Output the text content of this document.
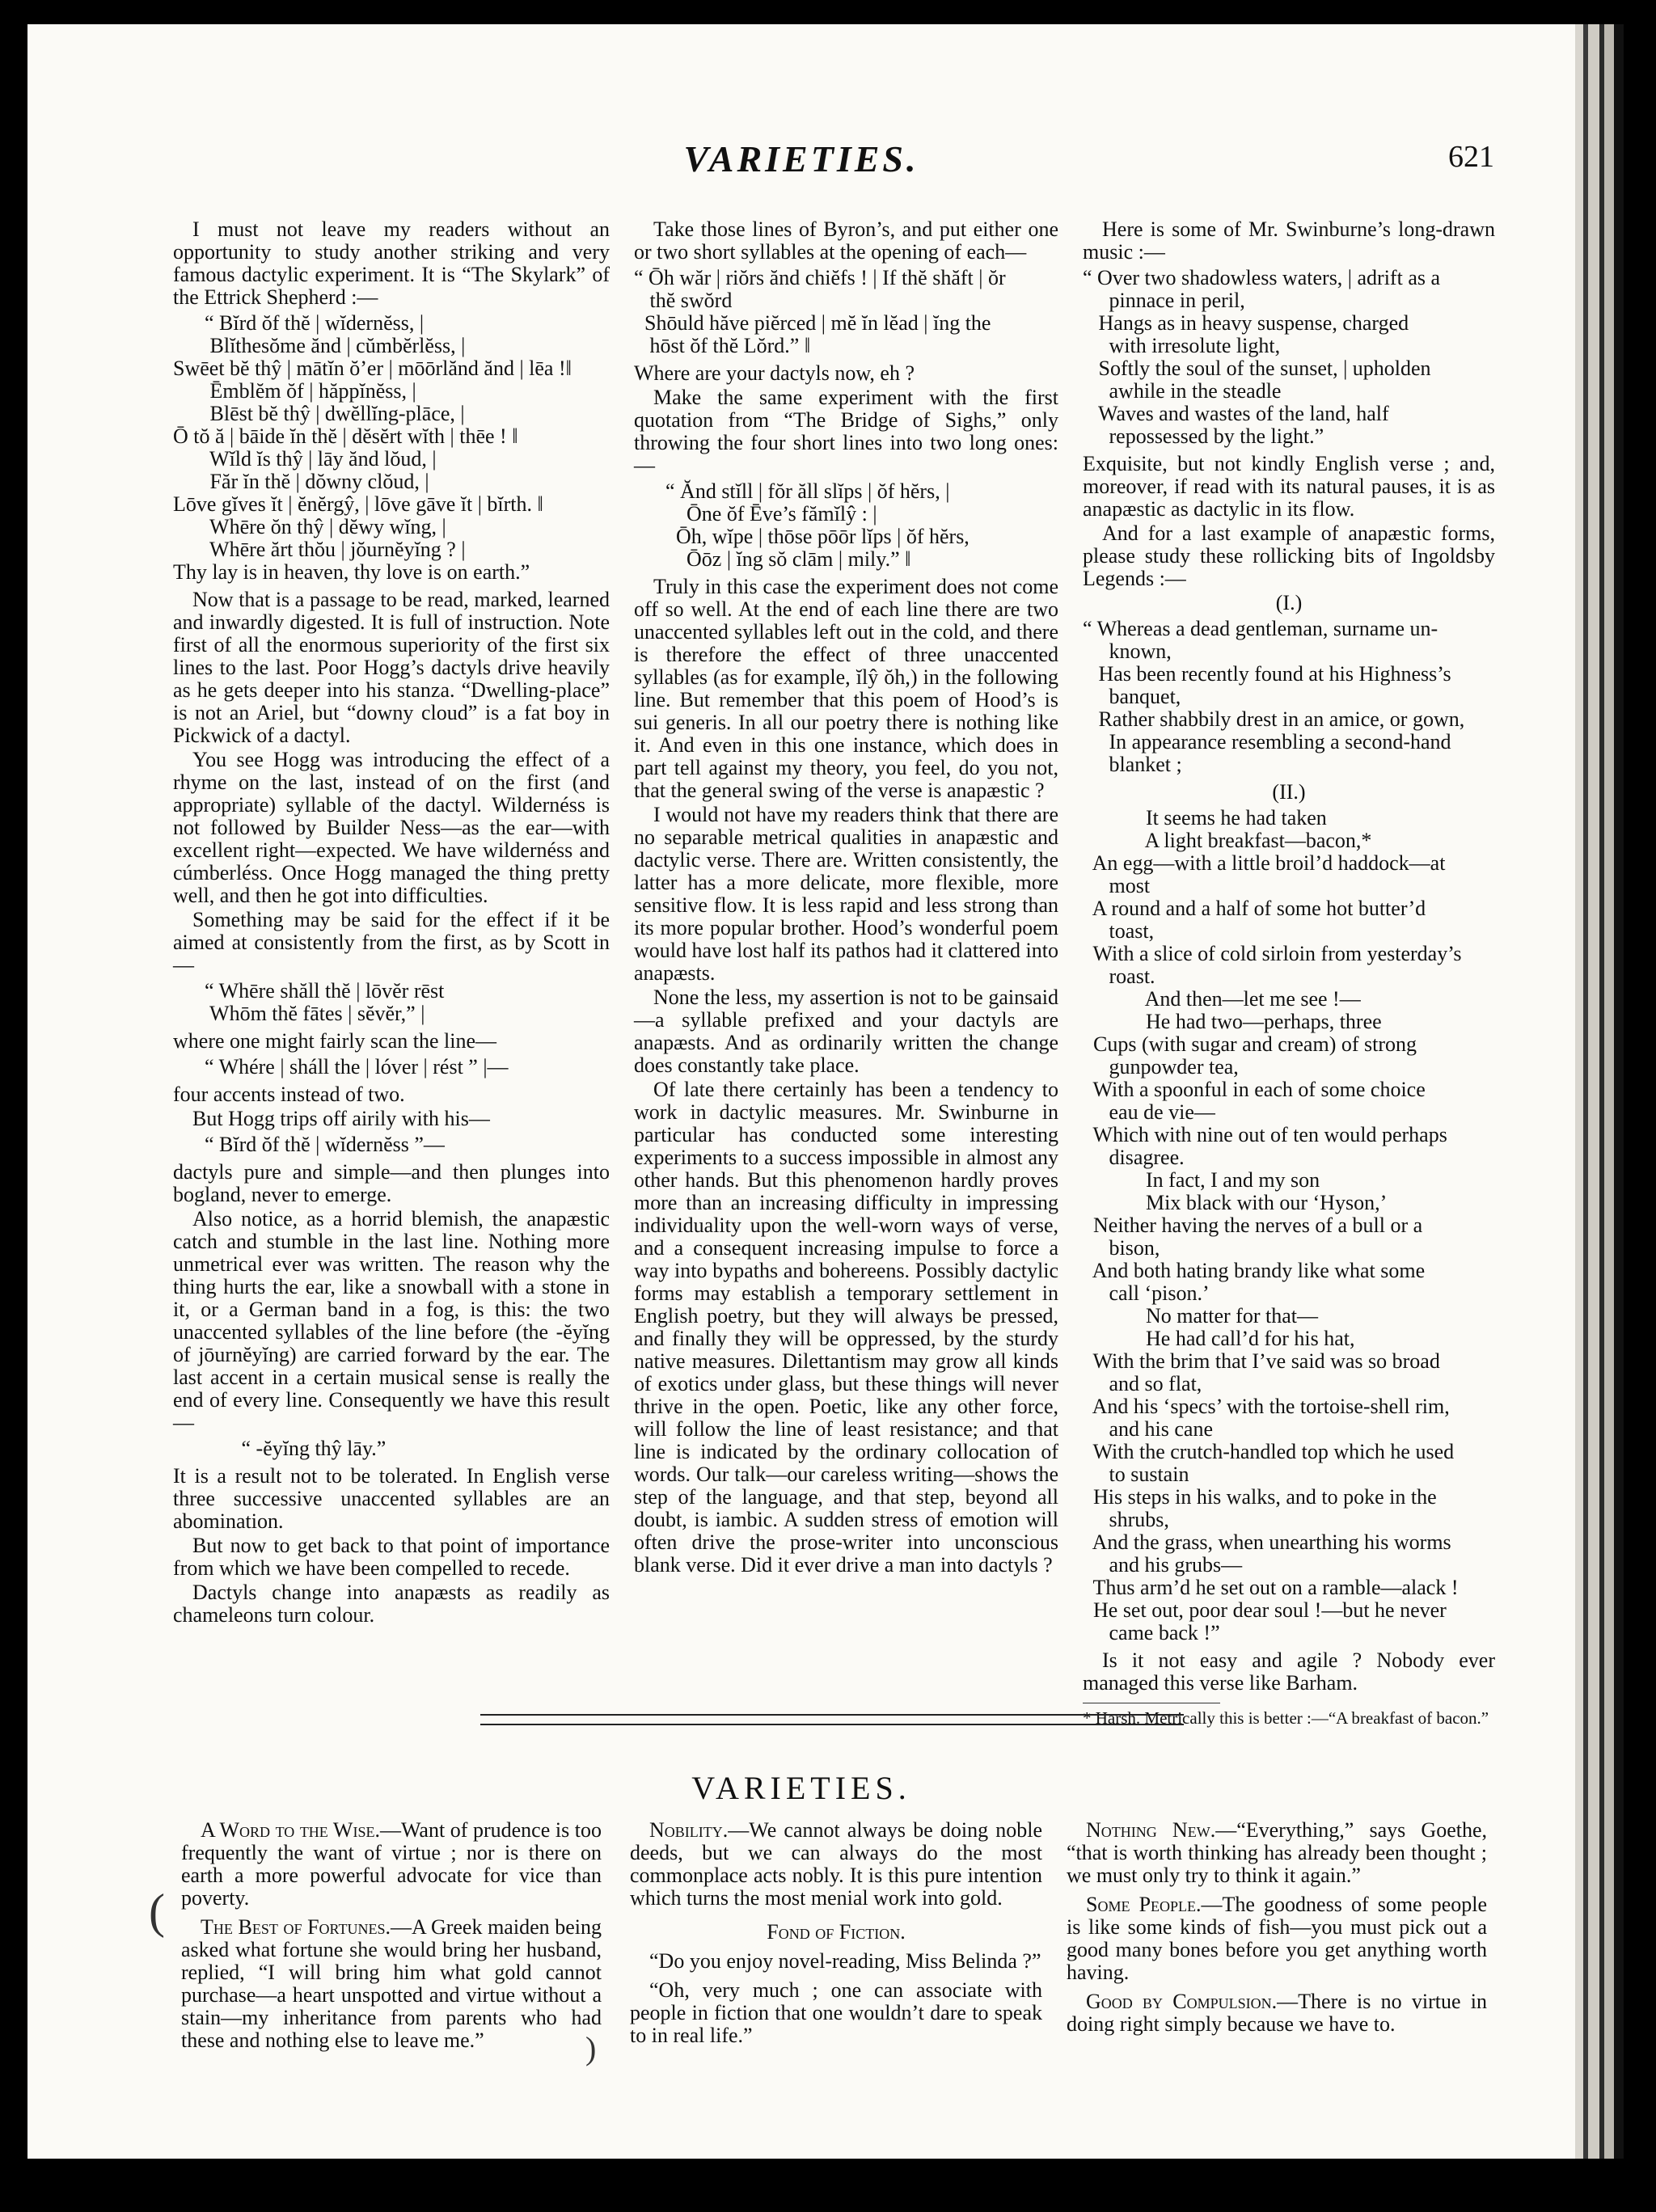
VARIETIES.	621

I must not leave my readers without an opportunity to study another striking and very famous dactylic experiment. It is “The Skylark” of the Ettrick Shepherd :—

“ Bĭrd ŏf thĕ | wĭdernĕss, |
Blĭthesŏme ănd | cŭmbĕrlĕss, |
Swēet bĕ thŷ | mātĭn ŏ’er | mōōrlănd ănd | lēa !‖
Ēmblĕm ŏf | hăppĭnĕss, |
Blēst bĕ thŷ | dwĕllĭng-plāce, |
Ō tŏ ă | bāide ĭn thĕ | dĕsĕrt wĭth | thēe ! ‖
Wĭld ĭs thŷ | lāy ănd lŏud, |
Făr ĭn thĕ | dŏwny clŏud, |
Lōve gĭves ĭt | ĕnĕrgŷ, | lōve gāve ĭt | bĭrth. ‖
Whēre ŏn thŷ | dĕwy wĭng, |
Whēre ărt thŏu | jŏurnĕyĭng ? |
Thy lay is in heaven, thy love is on earth.”

Now that is a passage to be read, marked, learned and inwardly digested. It is full of instruction. Note first of all the enormous superiority of the first six lines to the last. Poor Hogg’s dactyls drive heavily as he gets deeper into his stanza. “Dwelling-place” is not an Ariel, but “downy cloud” is a fat boy in Pickwick of a dactyl.

You see Hogg was introducing the effect of a rhyme on the last, instead of on the first (and appropriate) syllable of the dactyl. Wildernéss is not followed by Builder Ness—as the ear—with excellent right—expected. We have wildernéss and cúmberléss. Once Hogg managed the thing pretty well, and then he got into difficulties.

Something may be said for the effect if it be aimed at consistently from the first, as by Scott in—

“ Whēre shăll thĕ | lōvĕr rēst
Whōm thĕ fātes | sĕvĕr,” |

where one might fairly scan the line—

“ Whére | sháll the | lóver | rést ” |—

four accents instead of two.

But Hogg trips off airily with his—

“ Bĭrd ŏf thĕ | wĭdernĕss ”—

dactyls pure and simple—and then plunges into bogland, never to emerge.

Also notice, as a horrid blemish, the anapæstic catch and stumble in the last line. Nothing more unmetrical ever was written. The reason why the thing hurts the ear, like a snowball with a stone in it, or a German band in a fog, is this: the two unaccented syllables of the line before (the -ĕyĭng of jōurnĕyĭng) are carried forward by the ear. The last accent in a certain musical sense is really the end of every line. Consequently we have this result—

“ -ĕyĭng thŷ lāy.”

It is a result not to be tolerated. In English verse three successive unaccented syllables are an abomination.

But now to get back to that point of importance from which we have been compelled to recede.

Dactyls change into anapæsts as readily as chameleons turn colour.

Take those lines of Byron’s, and put either one or two short syllables at the opening of each—

“ Ōh wăr | riŏrs ănd chiĕfs ! | If thĕ shăft | ŏr
thĕ swŏrd
Shōuld hăve piĕrced | mĕ ĭn lĕad | ĭng the
hōst ŏf thĕ Lŏrd.” ‖

Where are your dactyls now, eh ?

Make the same experiment with the first quotation from “The Bridge of Sighs,” only throwing the four short lines into two long ones:—

“ Ănd stĭll | fŏr ăll slĭps | ŏf hĕrs, |
Ōne ŏf Ēve’s fămĭlŷ : |
Ōh, wĭpe | thōse pōōr lĭps | ŏf hĕrs,
Ōōz | ĭng sŏ clām | mily.” ‖

Truly in this case the experiment does not come off so well. At the end of each line there are two unaccented syllables left out in the cold, and there is therefore the effect of three unaccented syllables (as for example, ĭlŷ ŏh,) in the following line. But remember that this poem of Hood’s is sui generis. In all our poetry there is nothing like it. And even in this one instance, which does in part tell against my theory, you feel, do you not, that the general swing of the verse is anapæstic ?

I would not have my readers think that there are no separable metrical qualities in anapæstic and dactylic verse. There are. Written consistently, the latter has a more delicate, more flexible, more sensitive flow. It is less rapid and less strong than its more popular brother. Hood’s wonderful poem would have lost half its pathos had it clattered into anapæsts.

None the less, my assertion is not to be gainsaid—a syllable prefixed and your dactyls are anapæsts. And as ordinarily written the change does constantly take place.

Of late there certainly has been a tendency to work in dactylic measures. Mr. Swinburne in particular has conducted some interesting experiments to a success impossible in almost any other hands. But this phenomenon hardly proves more than an increasing difficulty in impressing individuality upon the well-worn ways of verse, and a consequent increasing impulse to force a way into bypaths and bohereens. Possibly dactylic forms may establish a temporary settlement in English poetry, but they will always be pressed, and finally they will be oppressed, by the sturdy native measures. Dilettantism may grow all kinds of exotics under glass, but these things will never thrive in the open. Poetic, like any other force, will follow the line of least resistance; and that line is indicated by the ordinary collocation of words. Our talk—our careless writing—shows the step of the language, and that step, beyond all doubt, is iambic. A sudden stress of emotion will often drive the prose-writer into unconscious blank verse. Did it ever drive a man into dactyls ?

Here is some of Mr. Swinburne’s long-drawn music :—

“ Over two shadowless waters, | adrift as a
pinnace in peril,
Hangs as in heavy suspense, charged
with irresolute light,
Softly the soul of the sunset, | upholden
awhile in the steadle
Waves and wastes of the land, half
repossessed by the light.”

Exquisite, but not kindly English verse ; and, moreover, if read with its natural pauses, it is as anapæstic as dactylic in its flow.

And for a last example of anapæstic forms, please study these rollicking bits of Ingoldsby Legends :—

(I.)
“ Whereas a dead gentleman, surname un-
known,
Has been recently found at his Highness’s
banquet,
Rather shabbily drest in an amice, or gown,
In appearance resembling a second-hand
blanket ;
(II.)
It seems he had taken
A light breakfast—bacon,*
An egg—with a little broil’d haddock—at
most
A round and a half of some hot butter’d
toast,
With a slice of cold sirloin from yesterday’s
roast.
And then—let me see !—
He had two—perhaps, three
Cups (with sugar and cream) of strong
gunpowder tea,
With a spoonful in each of some choice
eau de vie—
Which with nine out of ten would perhaps
disagree.
In fact, I and my son
Mix black with our ‘Hyson,’
Neither having the nerves of a bull or a
bison,
And both hating brandy like what some
call ‘pison.’
No matter for that—
He had call’d for his hat,
With the brim that I’ve said was so broad
and so flat,
And his ‘specs’ with the tortoise-shell rim,
and his cane
With the crutch-handled top which he used
to sustain
His steps in his walks, and to poke in the
shrubs,
And the grass, when unearthing his worms
and his grubs—
Thus arm’d he set out on a ramble—alack !
He set out, poor dear soul !—but he never
came back !”

Is it not easy and agile ? Nobody ever managed this verse like Barham.

* Harsh. Metrically this is better :—“A breakfast of bacon.”
VARIETIES.

A Word to the Wise.—Want of prudence is too frequently the want of virtue ; nor is there on earth a more powerful advocate for vice than poverty.

The Best of Fortunes.—A Greek maiden being asked what fortune she would bring her husband, replied, “I will bring him what gold cannot purchase—a heart unspotted and virtue without a stain—my inheritance from parents who had these and nothing else to leave me.”

Nobility.—We cannot always be doing noble deeds, but we can always do the most commonplace acts nobly. It is this pure intention which turns the most menial work into gold.

Fond of Fiction.

“Do you enjoy novel-reading, Miss Belinda ?”

“Oh, very much ; one can associate with people in fiction that one wouldn’t dare to speak to in real life.”

Nothing New.—“Everything,” says Goethe, “that is worth thinking has already been thought ; we must only try to think it again.”

Some People.—The goodness of some people is like some kinds of fish—you must pick out a good many bones before you get anything worth having.

Good by Compulsion.—There is no virtue in doing right simply because we have to.

(
)
